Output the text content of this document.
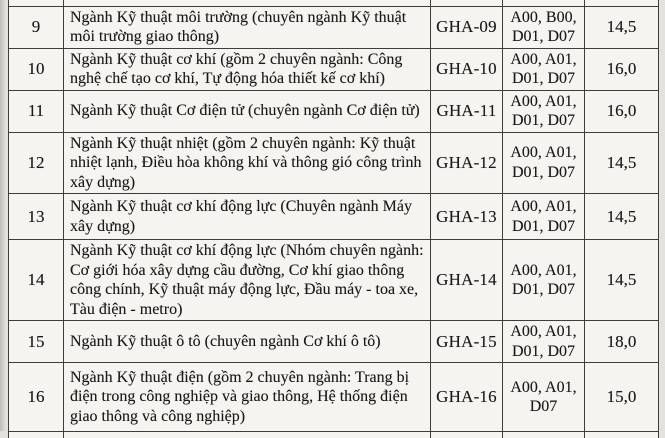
9	Ngành Kỹ thuật môi trường (chuyên ngành Kỹ thuật môi trường giao thông)	GHA-09	A00, B00, D01, D07	14,5
10	Ngành Kỹ thuật cơ khí (gồm 2 chuyên ngành: Công nghệ chế tạo cơ khí, Tự động hóa thiết kế cơ khí)	GHA-10	A00, A01, D01, D07	16,0
11	Ngành Kỹ thuật Cơ điện tử (chuyên ngành Cơ điện tử)	GHA-11	A00, A01, D01, D07	16,0
12	Ngành Kỹ thuật nhiệt (gồm 2 chuyên ngành: Kỹ thuật nhiệt lạnh, Điều hòa không khí và thông gió công trình xây dựng)	GHA-12	A00, A01, D01, D07	14,5
13	Ngành Kỹ thuật cơ khí động lực (Chuyên ngành Máy xây dựng)	GHA-13	A00, A01, D01, D07	14,5
14	Ngành Kỹ thuật cơ khí động lực (Nhóm chuyên ngành: Cơ giới hóa xây dựng cầu đường, Cơ khí giao thông công chính, Kỹ thuật máy động lực, Đầu máy - toa xe, Tàu điện - metro)	GHA-14	A00, A01, D01, D07	14,5
15	Ngành Kỹ thuật ô tô (chuyên ngành Cơ khí ô tô)	GHA-15	A00, A01, D01, D07	18,0
16	Ngành Kỹ thuật điện (gồm 2 chuyên ngành: Trang bị điện trong công nghiệp và giao thông, Hệ thống điện giao thông và công nghiệp)	GHA-16	A00, A01, D07	15,0
